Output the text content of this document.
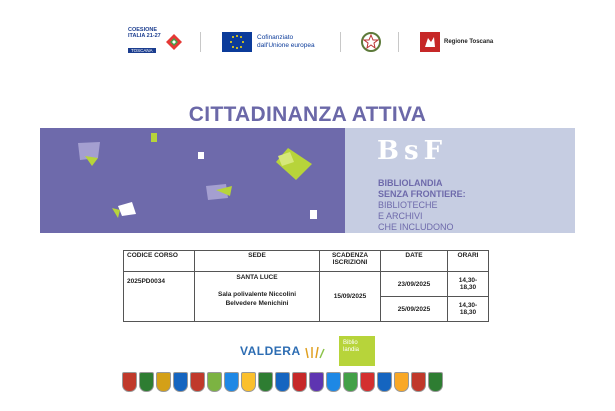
COESIONE
ITALIA 21-27
TOSCANA
Cofinanziato
dall'Unione europea	Regione Toscana
CITTADINANZA ATTIVA
BsF
BIBLIOLANDIA
SENZA FRONTIERE:
BIBLIOTECHE
E ARCHIVI
CHE INCLUDONO
CODICE CORSO	SEDE	SCADENZA ISCRIZIONI	DATE	ORARI
2025PD0034	SANTA LUCE
Sala polivalente Niccolini
Belvedere Menichini	15/09/2025	23/09/2025	14,30-18,30
			25/09/2025	14,30-18,30
VALDERA
Biblio
landia
